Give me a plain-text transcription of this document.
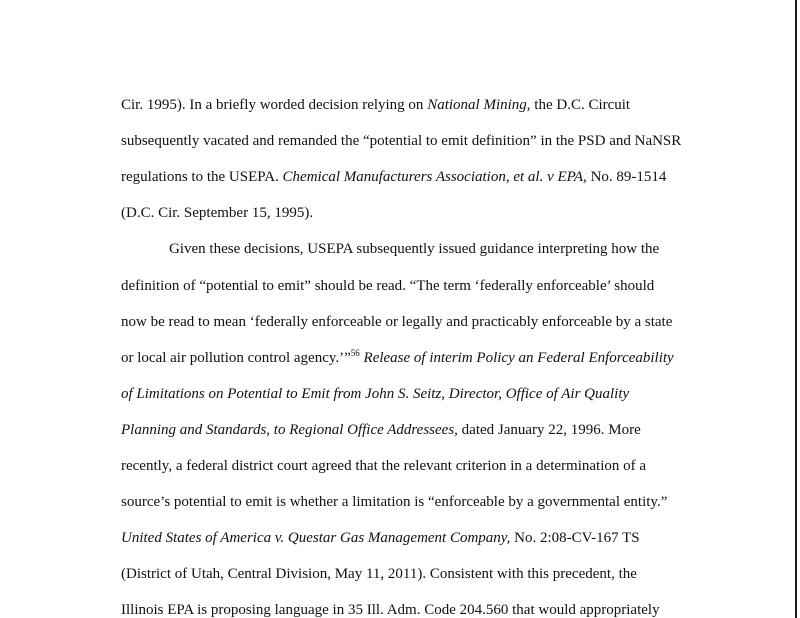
Cir. 1995). In a briefly worded decision relying on National Mining, the D.C. Circuit
subsequently vacated and remanded the “potential to emit definition” in the PSD and NaNSR
regulations to the USEPA. Chemical Manufacturers Association, et al. v EPA, No. 89-1514
(D.C. Cir. September 15, 1995).
Given these decisions, USEPA subsequently issued guidance interpreting how the
definition of “potential to emit” should be read. “The term ‘federally enforceable’ should
now be read to mean ‘federally enforceable or legally and practicably enforceable by a state
or local air pollution control agency.’”$^{56}$ Release of interim Policy an Federal Enforceability
of Limitations on Potential to Emit from John S. Seitz, Director, Office of Air Quality
Planning and Standards, to Regional Office Addressees, dated January 22, 1996. More
recently, a federal district court agreed that the relevant criterion in a determination of a
source’s potential to emit is whether a limitation is “enforceable by a governmental entity.”
United States of America v. Questar Gas Management Company, No. 2:08-CV-167 TS
(District of Utah, Central Division, May 11, 2011). Consistent with this precedent, the
Illinois EPA is proposing language in 35 Ill. Adm. Code 204.560 that would appropriately
